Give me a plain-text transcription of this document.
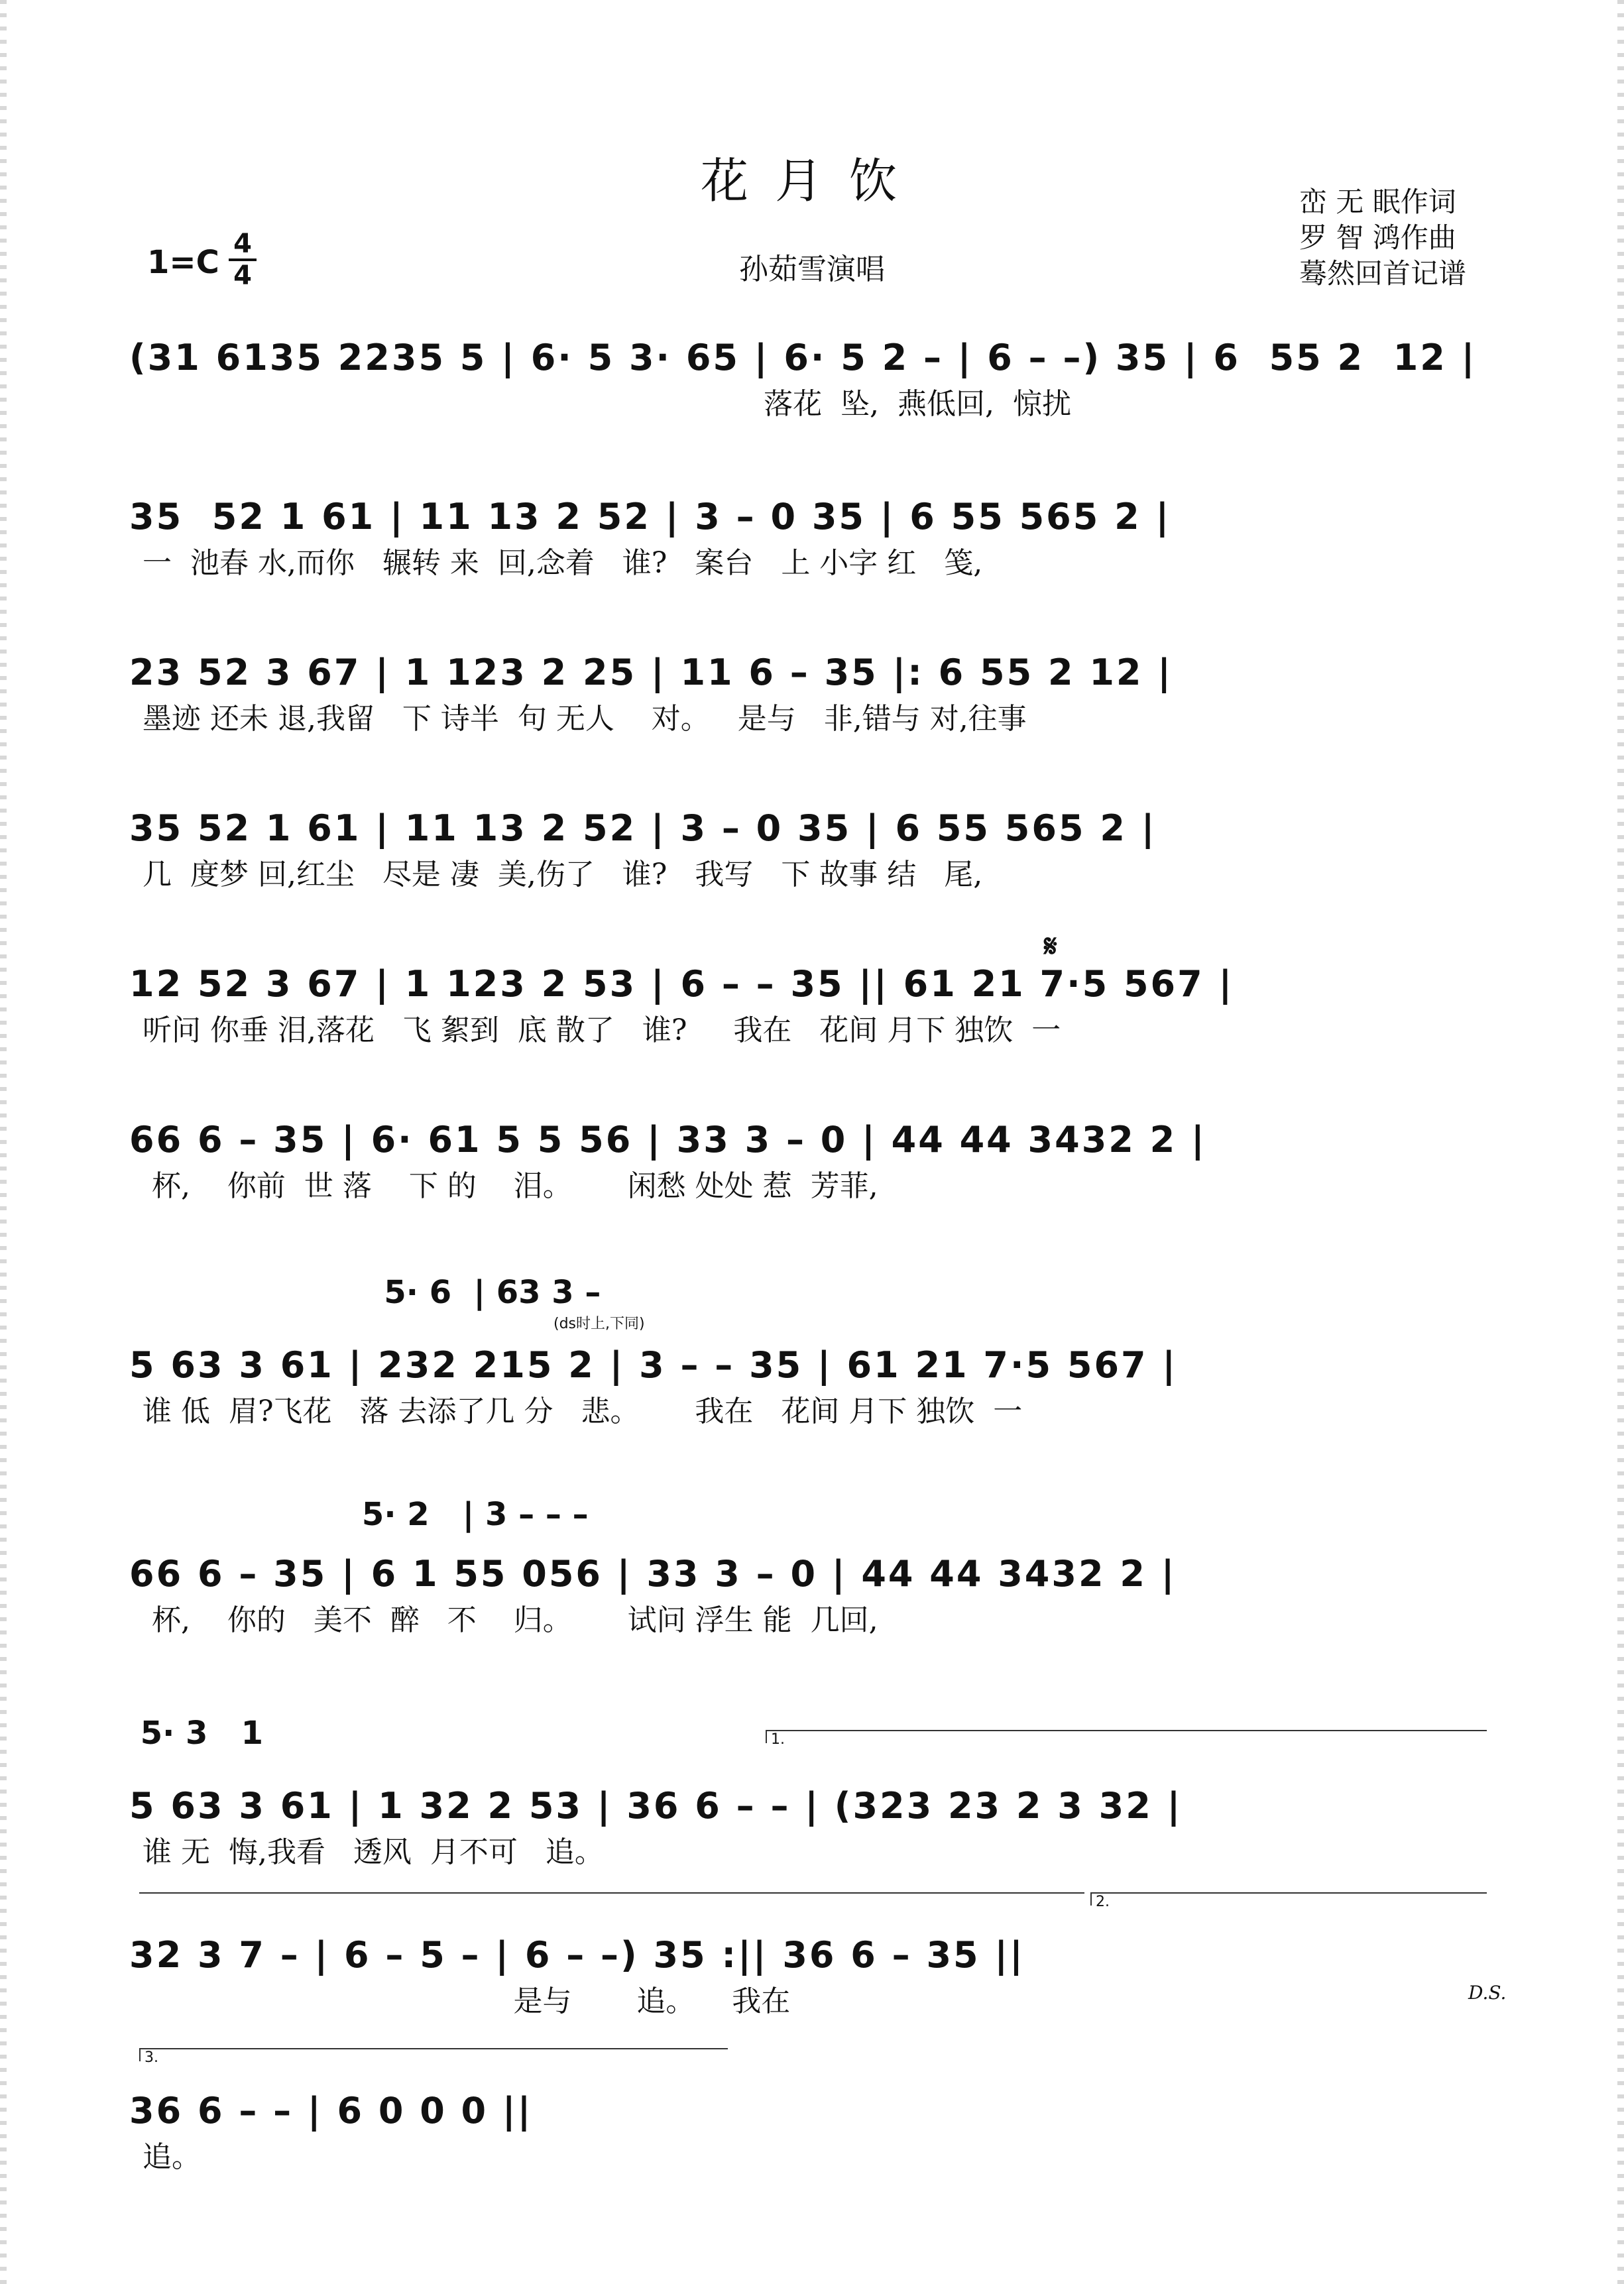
花月饮
孙茹雪演唱
峦 无 眠作词
罗 智 鸿作曲
蓦然回首记谱
1=C 4
4
(31 6135 2235 5 | 6· 5 3· 65 | 6· 5 2 – | 6 – –) 35 | 6  55 2  12 |
落花  坠,  燕低回,  惊扰
35  52 1 61 | 11 13 2 52 | 3 – 0 35 | 6 55 565 2 |
一  池春 水,而你   辗转 来  回,念着   谁?   案台   上 小字 红   笺,
23 52 3 67 | 1 123 2 25 | 11 6 – 35 |: 6 55 2 12 |
墨迹 还未 退,我留   下 诗半  句 无人    对。   是与   非,错与 对,往事
35 52 1 61 | 11 13 2 52 | 3 – 0 35 | 6 55 565 2 |
几  度梦 回,红尘   尽是 凄  美,伤了   谁?   我写   下 故事 结   尾,
𝄋
12 52 3 67 | 1 123 2 53 | 6 – – 35 || 61 21 7·5 567 |
听问 你垂 泪,落花   飞 絮到  底 散了   谁?     我在   花间 月下 独饮  一
66 6 – 35 | 6· 61 5 5 56 | 33 3 – 0 | 44 44 3432 2 |
杯,    你前  世 落    下 的    泪。      闲愁 处处 惹  芳菲,
(ds时上,下同)
5· 6  | 63 3 –
5 63 3 61 | 232 215 2 | 3 – – 35 | 61 21 7·5 567 |
谁 低  眉?飞花   落 去添了几 分   悲。      我在   花间 月下 独饮  一
5· 2   | 3 – – –
66 6 – 35 | 6 1 55 056 | 33 3 – 0 | 44 44 3432 2 |
杯,    你的   美不  醉   不    归。      试问 浮生 能  几回,
1.
5· 3   1
5 63 3 61 | 1 32 2 53 | 36 6 – – | (323 23 2 3 32 |
谁 无  悔,我看   透风  月不可   追。
2.
32 3 7 – | 6 – 5 – | 6 – –) 35 :|| 36 6 – 35 ||
是与       追。    我在	D.S.
3.
36 6 – – | 6 0 0 0 ||
追。
